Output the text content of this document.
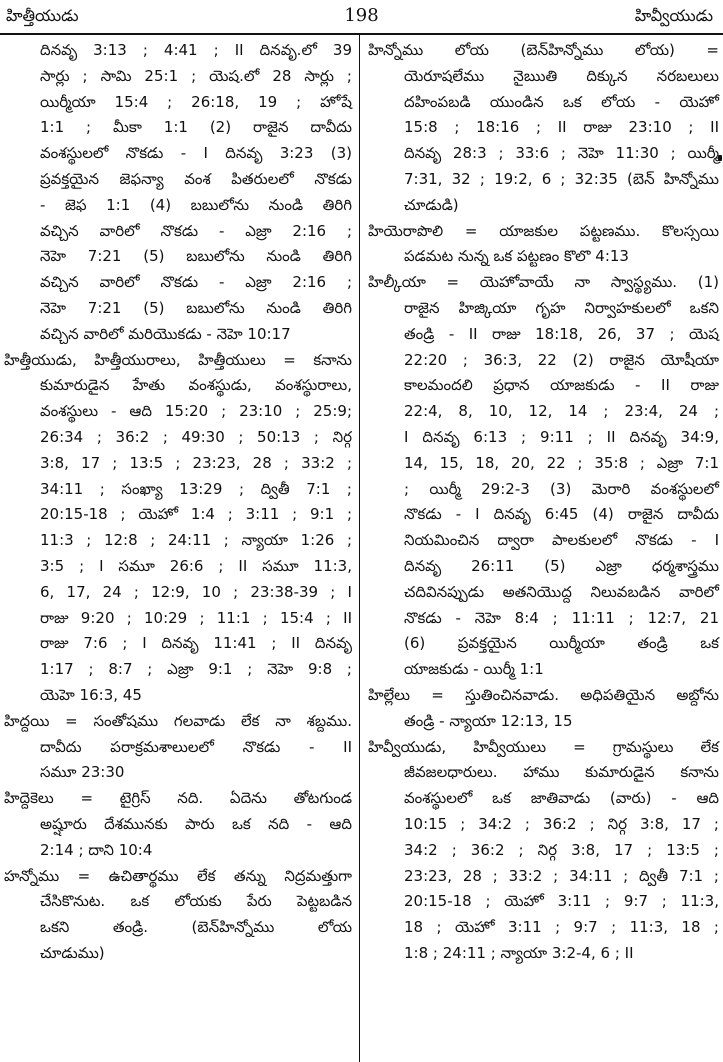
హిత్తీయుడు	198	హివ్వీయుడు
దినవృ 3:13 ; 4:41 ; II దినవృ.లో 39
సార్లు ; సామి 25:1 ; యెష.లో 28 సార్లు ;
యిర్మీయా 15:4 ; 26:18, 19 ; హోషే
1:1 ; మీకా 1:1 (2) రాజైన దావీదు
వంశస్థులలో నొకడు - I దినవృ 3:23 (3)
ప్రవక్తయైన జెఫన్యా వంశ పితరులలో నొకడు
- జెఫ 1:1 (4) బబులోను నుండి తిరిగి
వచ్చిన వారిలో నొకడు - ఎజ్రా 2:16 ;
నెహె 7:21 (5) బబులోను నుండి తిరిగి
వచ్చిన వారిలో నొకడు - ఎజ్రా 2:16 ;
నెహె 7:21 (5) బబులోను నుండి తిరిగి
వచ్చిన వారిలో మరియొకడు - నెహె 10:17
హిత్తీయుడు, హిత్తీయురాలు, హిత్తీయులు = కనాను
కుమారుడైన హేతు వంశస్థుడు, వంశస్థురాలు,
వంశస్థులు - ఆది 15:20 ; 23:10 ; 25:9;
26:34 ; 36:2 ; 49:30 ; 50:13 ; నిర్గ
3:8, 17 ; 13:5 ; 23:23, 28 ; 33:2 ;
34:11 ; సంఖ్యా 13:29 ; ద్వితీ 7:1 ;
20:15-18 ; యెహో 1:4 ; 3:11 ; 9:1 ;
11:3 ; 12:8 ; 24:11 ; న్యాయా 1:26 ;
3:5 ; I సమూ 26:6 ; II సమూ 11:3,
6, 17, 24 ; 12:9, 10 ; 23:38-39 ; I
రాజు 9:20 ; 10:29 ; 11:1 ; 15:4 ; II
రాజు 7:6 ; I దినవృ 11:41 ; II దినవృ
1:17 ; 8:7 ; ఎజ్రా 9:1 ; నెహె 9:8 ;
యెహె 16:3, 45
హిద్దయి = సంతోషము గలవాడు లేక నా శబ్దము.
దావీదు పరాక్రమశాలులలో నొకడు - II
సమూ 23:30
హిద్దెకెలు = టైగ్రిస్ నది. ఏదెను తోటగుండ
అష్షూరు దేశమునకు పారు ఒక నది - ఆది
2:14 ; దాని 10:4
హన్నోము = ఉచితార్థము లేక తన్ను నిద్రమత్తుగా
చేసికొనుట. ఒక లోయకు పేరు పెట్టబడిన
ఒకని తండ్రి. (బెన్‌హిన్నోము లోయ
చూడుము)
హిన్నోము లోయ (బెన్‌హిన్నోము లోయ) =
యెరూషలేము నైఋతి దిక్కున నరబలులు
దహింపబడి యుండిన ఒక లోయ - యెహో
15:8 ; 18:16 ; II రాజు 23:10 ; II
దినవృ 28:3 ; 33:6 ; నెహె 11:30 ; యిర్మీ
7:31, 32 ; 19:2, 6 ; 32:35 (బెన్ హిన్నోము
చూడుడి)
హియెరాపొలి = యాజకుల పట్టణము. కొలస్సయి
పడమట నున్న ఒక పట్టణం కొలొ 4:13
హిల్కీయా = యెహోవాయే నా స్వాస్థ్యము. (1)
రాజైన హిజ్కియా గృహ నిర్వాహకులలో ఒకని
తండ్రి - II రాజు 18:18, 26, 37 ; యెష
22:20 ; 36:3, 22 (2) రాజైన యోషీయా
కాలమందలి ప్రధాన యాజకుడు - II రాజు
22:4, 8, 10, 12, 14 ; 23:4, 24 ;
I దినవృ 6:13 ; 9:11 ; II దినవృ 34:9,
14, 15, 18, 20, 22 ; 35:8 ; ఎజ్రా 7:1
; యిర్మీ 29:2-3 (3) మెరారి వంశస్థులలో
నొకడు - I దినవృ 6:45 (4) రాజైన దావీదు
నియమించిన ద్వారా పాలకులలో నొకడు - I
దినవృ 26:11 (5) ఎజ్రా ధర్మశాస్త్రము
చదివినప్పుడు అతనియొద్ద నిలువబడిన వారిలో
నొకడు - నెహె 8:4 ; 11:11 ; 12:7, 21
(6) ప్రవక్తయైన యిర్మీయా తండ్రి ఒక
యాజకుడు - యిర్మీ 1:1
హిల్లేలు = స్తుతించినవాడు. అధిపతియైన అబ్దోను
తండ్రి - న్యాయా 12:13, 15
హివ్వీయుడు, హివ్వీయులు = గ్రామస్థులు లేక
జీవజలధారులు. హాము కుమారుడైన కనాను
వంశస్థులలో ఒక జాతివాడు (వారు) - ఆది
10:15 ; 34:2 ; 36:2 ; నిర్గ 3:8, 17 ;
34:2 ; 36:2 ; నిర్గ 3:8, 17 ; 13:5 ;
23:23, 28 ; 33:2 ; 34:11 ; ద్వితీ 7:1 ;
20:15-18 ; యెహో 3:11 ; 9:7 ; 11:3,
18 ; యెహో 3:11 ; 9:7 ; 11:3, 18 ;
1:8 ; 24:11 ; న్యాయా 3:2-4, 6 ; II
